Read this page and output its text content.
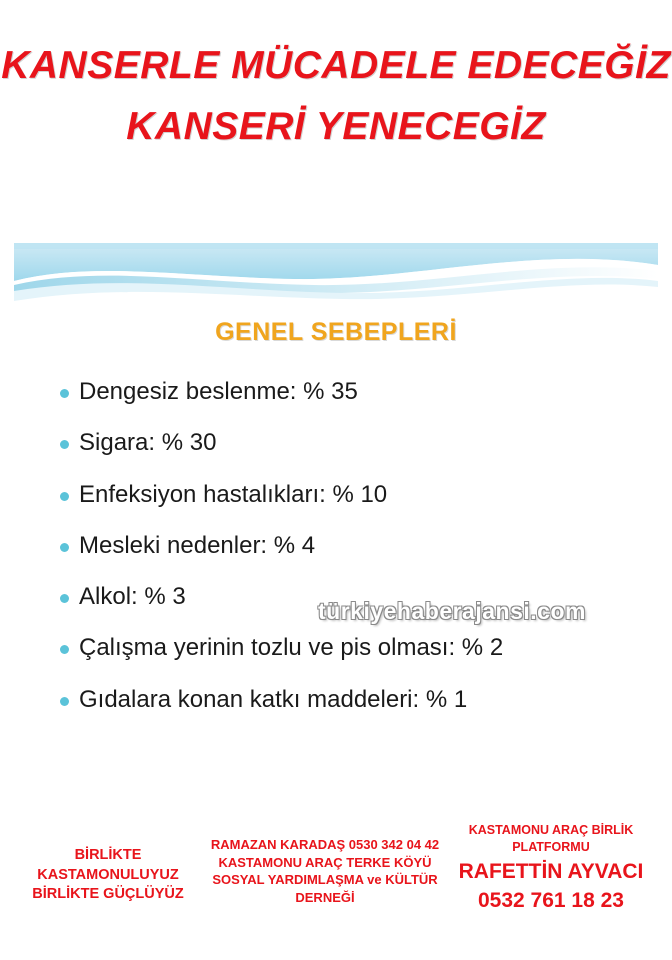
KANSERLE MÜCADELE EDECEĞİZ
KANSERİ YENECEGİZ
GENEL SEBEPLERİ
Dengesiz beslenme: % 35
Sigara: % 30
Enfeksiyon hastalıkları: % 10
Mesleki nedenler: % 4
Alkol: % 3
Çalışma yerinin tozlu ve pis olması: % 2
Gıdalara konan katkı maddeleri: % 1
türkiyehaberajansi.com
BİRLİKTE KASTAMONULUYUZ
BİRLİKTE GÜÇLÜYÜZ
RAMAZAN KARADAŞ 0530 342 04 42
KASTAMONU ARAÇ TERKE KÖYÜ
SOSYAL YARDIMLAŞMA ve KÜLTÜR DERNEĞİ
KASTAMONU ARAÇ BİRLİK PLATFORMU
RAFETTİN AYVACI
0532 761 18 23
